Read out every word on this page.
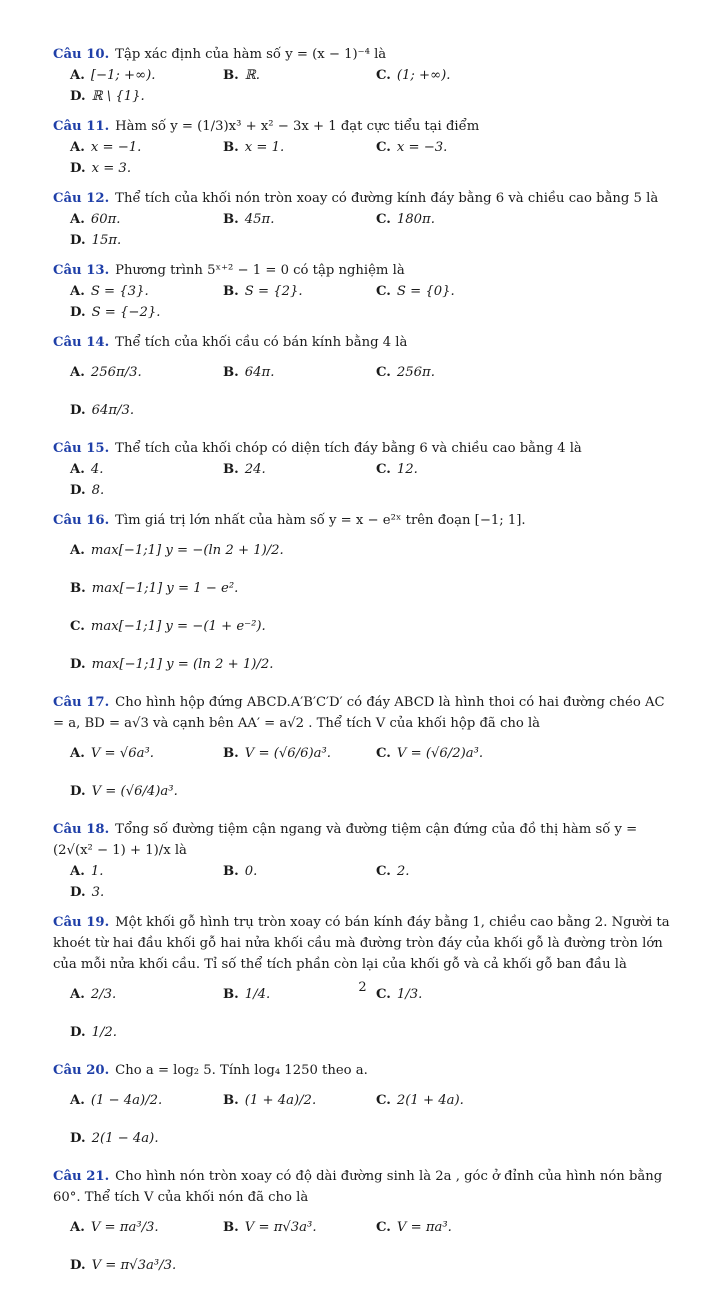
Câu 10. Tập xác định của hàm số y = (x − 1)⁻⁴ là
A. [−1; +∞).	B. ℝ.	C. (1; +∞).
D. ℝ \ {1}.
Câu 11. Hàm số y = (1/3)x³ + x² − 3x + 1 đạt cực tiểu tại điểm
A. x = −1.	B. x = 1.	C. x = −3.
D. x = 3.
Câu 12. Thể tích của khối nón tròn xoay có đường kính đáy bằng 6 và chiều cao bằng 5 là
A. 60π.	B. 45π.	C. 180π.
D. 15π.
Câu 13. Phương trình 5ˣ⁺² − 1 = 0 có tập nghiệm là
A. S = {3}.	B. S = {2}.	C. S = {0}.
D. S = {−2}.
Câu 14. Thể tích của khối cầu có bán kính bằng 4 là
A. 256π/3.	B. 64π.	C. 256π.
D. 64π/3.
Câu 15. Thể tích của khối chóp có diện tích đáy bằng 6 và chiều cao bằng 4 là
A. 4.	B. 24.	C. 12.
D. 8.
Câu 16. Tìm giá trị lớn nhất của hàm số y = x − e²ˣ trên đoạn [−1; 1].
A. max[−1;1] y = −(ln 2 + 1)/2.
B. max[−1;1] y = 1 − e².
C. max[−1;1] y = −(1 + e⁻²).
D. max[−1;1] y = (ln 2 + 1)/2.
Câu 17. Cho hình hộp đứng ABCD.A′B′C′D′ có đáy ABCD là hình thoi có hai đường chéo AC = a, BD = a√3 và cạnh bên AA′ = a√2 . Thể tích V của khối hộp đã cho là
A. V = √6a³.	B. V = (√6/6)a³.	C. V = (√6/2)a³.
D. V = (√6/4)a³.
Câu 18. Tổng số đường tiệm cận ngang và đường tiệm cận đứng của đồ thị hàm số y = (2√(x² − 1) + 1)/x là
A. 1.	B. 0.	C. 2.
D. 3.
Câu 19. Một khối gỗ hình trụ tròn xoay có bán kính đáy bằng 1, chiều cao bằng 2. Người ta khoét từ hai đầu khối gỗ hai nửa khối cầu mà đường tròn đáy của khối gỗ là đường tròn lớn của mỗi nửa khối cầu. Tỉ số thể tích phần còn lại của khối gỗ và cả khối gỗ ban đầu là
A. 2/3.	B. 1/4.	C. 1/3.
D. 1/2.
Câu 20. Cho a = log₂ 5. Tính log₄ 1250 theo a.
A. (1 − 4a)/2.	B. (1 + 4a)/2.	C. 2(1 + 4a).
D. 2(1 − 4a).
Câu 21. Cho hình nón tròn xoay có độ dài đường sinh là 2a , góc ở đỉnh của hình nón bằng 60°. Thể tích V của khối nón đã cho là
A. V = πa³/3.	B. V = π√3a³.	C. V = πa³.
D. V = π√3a³/3.
2
